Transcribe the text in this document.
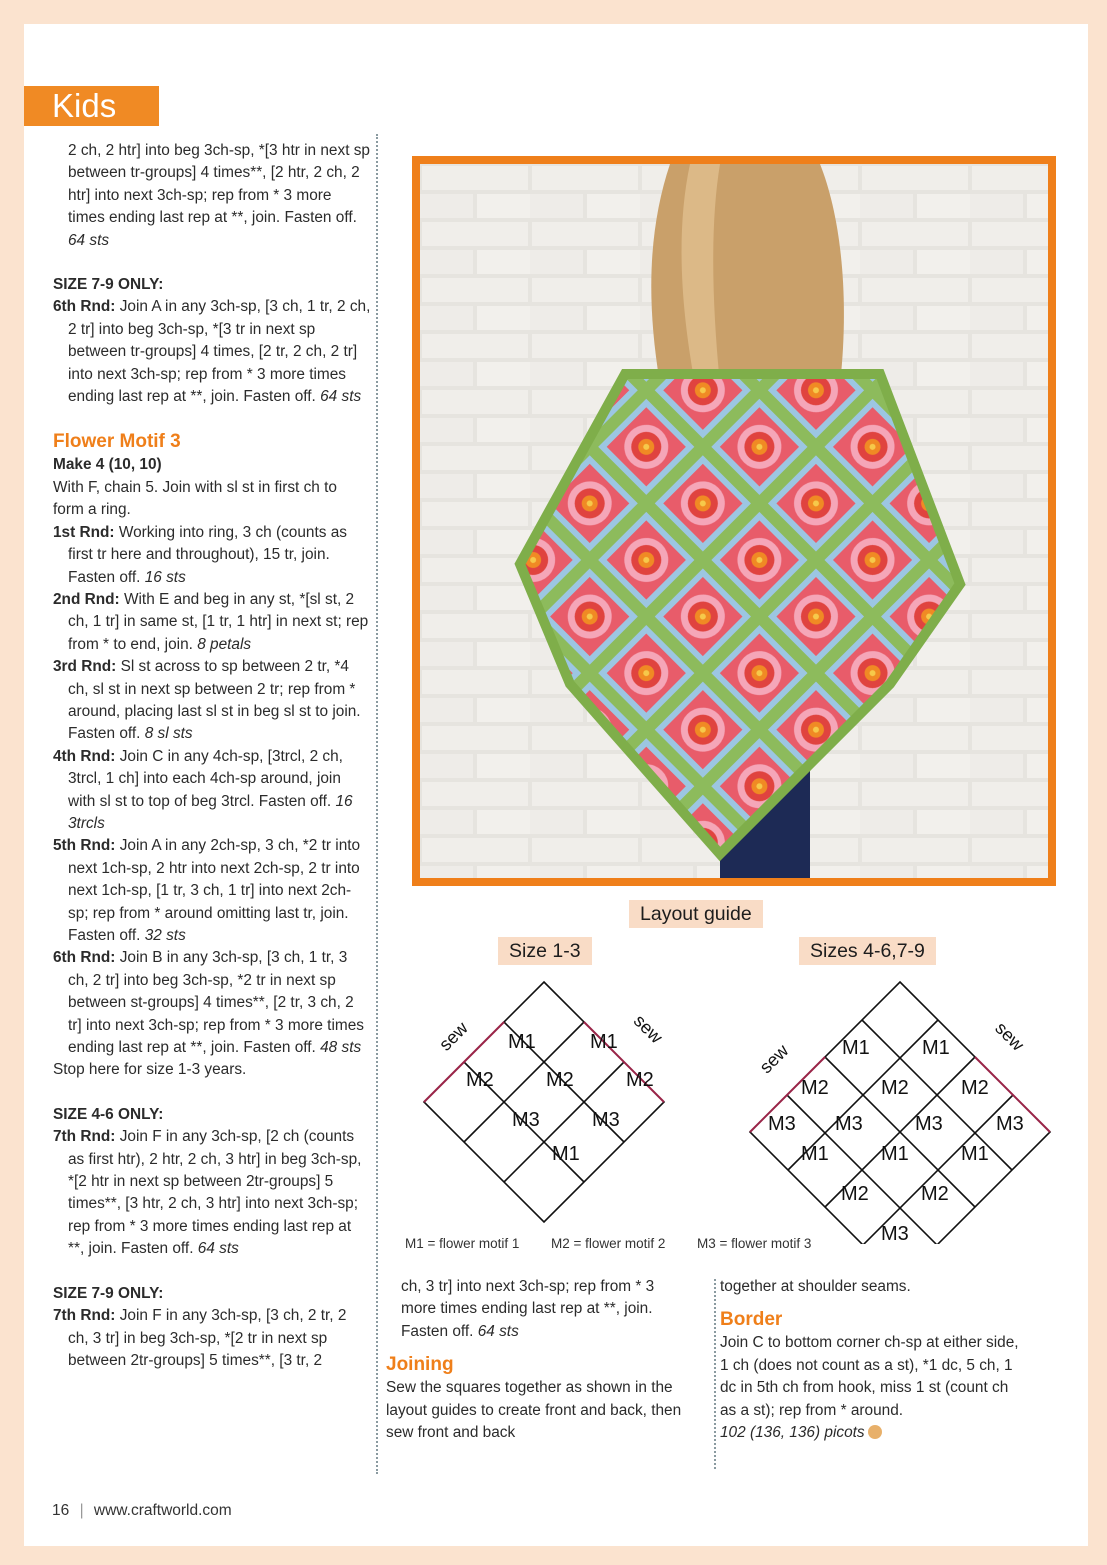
Kids

2 ch, 2 htr] into beg 3ch-sp, *[3 htr in next sp between tr-groups] 4 times**, [2 htr, 2 ch, 2 htr] into next 3ch-sp; rep from * 3 more times ending last rep at **, join. Fasten off. 64 sts

SIZE 7-9 ONLY:

6th Rnd: Join A in any 3ch-sp, [3 ch, 1 tr, 2 ch, 2 tr] into beg 3ch-sp, *[3 tr in next sp between tr-groups] 4 times, [2 tr, 2 ch, 2 tr] into next 3ch-sp; rep from * 3 more times ending last rep at **, join. Fasten off. 64 sts

Flower Motif 3

Make 4 (10, 10)

With F, chain 5. Join with sl st in first ch to form a ring.

1st Rnd: Working into ring, 3 ch (counts as first tr here and throughout), 15 tr, join. Fasten off. 16 sts

2nd Rnd: With E and beg in any st, *[sl st, 2 ch, 1 tr] in same st, [1 tr, 1 htr] in next st; rep from * to end, join. 8 petals

3rd Rnd: Sl st across to sp between 2 tr, *4 ch, sl st in next sp between 2 tr; rep from * around, placing last sl st in beg sl st to join. Fasten off. 8 sl sts

4th Rnd: Join C in any 4ch-sp, [3trcl, 2 ch, 3trcl, 1 ch] into each 4ch-sp around, join with sl st to top of beg 3trcl. Fasten off. 16 3trcls

5th Rnd: Join A in any 2ch-sp, 3 ch, *2 tr into next 1ch-sp, 2 htr into next 2ch-sp, 2 tr into next 1ch-sp, [1 tr, 3 ch, 1 tr] into next 2ch-sp; rep from * around omitting last tr, join. Fasten off. 32 sts

6th Rnd: Join B in any 3ch-sp, [3 ch, 1 tr, 3 ch, 2 tr] into beg 3ch-sp, *2 tr in next sp between st-groups] 4 times**, [2 tr, 3 ch, 2 tr] into next 3ch-sp; rep from * 3 more times ending last rep at **, join. Fasten off. 48 sts

Stop here for size 1-3 years.

SIZE 4-6 ONLY:

7th Rnd: Join F in any 3ch-sp, [2 ch (counts as first htr), 2 htr, 2 ch, 3 htr] in beg 3ch-sp, *[2 htr in next sp between 2tr-groups] 5 times**, [3 htr, 2 ch, 3 htr] into next 3ch-sp; rep from * 3 more times ending last rep at **, join. Fasten off. 64 sts

SIZE 7-9 ONLY:

7th Rnd: Join F in any 3ch-sp, [3 ch, 2 tr, 2 ch, 3 tr] in beg 3ch-sp, *[2 tr in next sp between 2tr-groups] 5 times**, [3 tr, 2

Layout guide
Size 1-3	Sizes 4-6,7-9
sew	sew
M1	M1
M2	M2	M2
M3	M3
M1
sew
sew
M1	M1
M2	M2	M2
M3 M3	M3	M3
M1	M1	M1
M2	M2
M3
M1 = flower motif 1 M2 = flower motif 2 M3 = flower motif 3

ch, 3 tr] into next 3ch-sp; rep from * 3 more times ending last rep at **, join. Fasten off. 64 sts

Joining

Sew the squares together as shown in the layout guides to create front and back, then sew front and back

together at shoulder seams.

Border

Join C to bottom corner ch-sp at either side, 1 ch (does not count as a st), *1 dc, 5 ch, 1 dc in 5th ch from hook, miss 1 st (count ch as a st); rep from * around.

102 (136, 136) picots

16 | www.craftworld.com
